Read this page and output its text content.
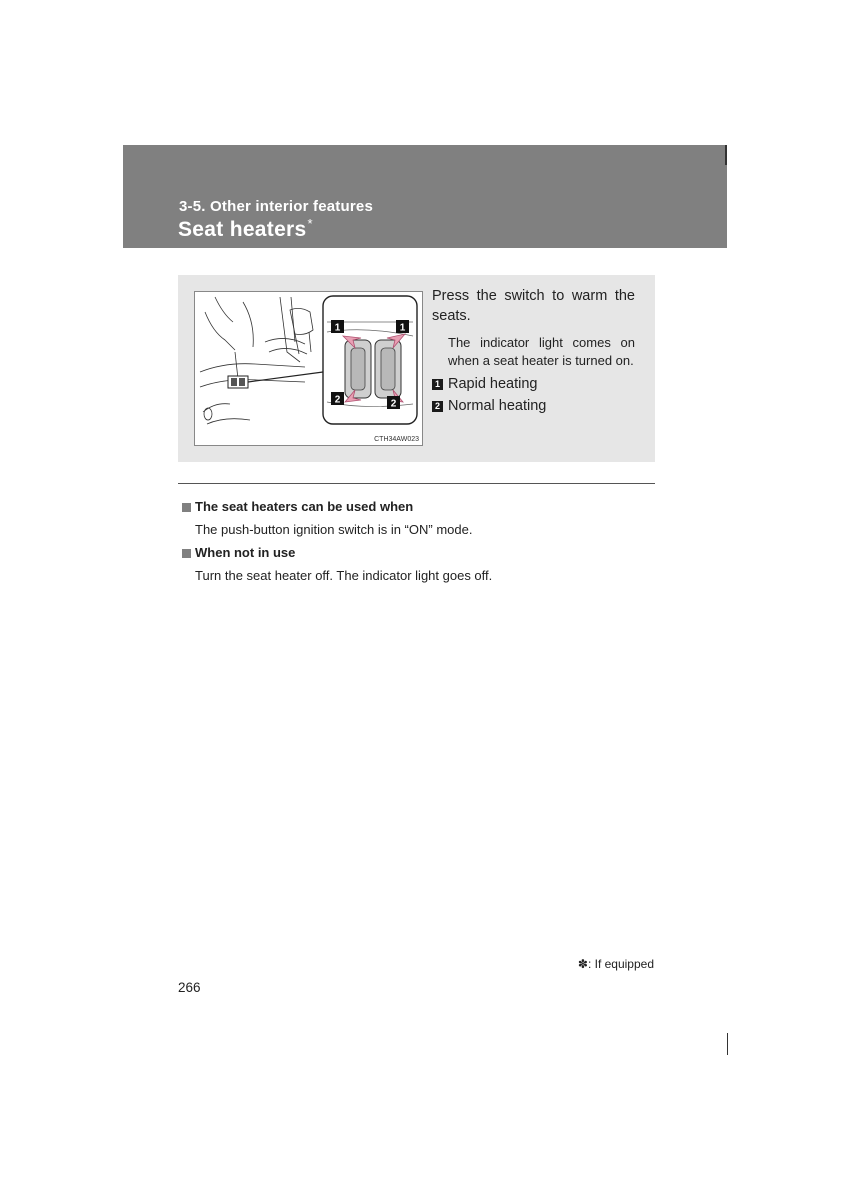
3-5. Other interior features
Seat heaters*
1	1
2	2
CTH34AW023

Press the switch to warm the seats.

The indicator light comes on when a seat heater is turned on.

1 Rapid heating
2 Normal heating
The seat heaters can be used when
The push-button ignition switch is in “ON” mode.
When not in use
Turn the seat heater off. The indicator light goes off.
✽: If equipped
266
